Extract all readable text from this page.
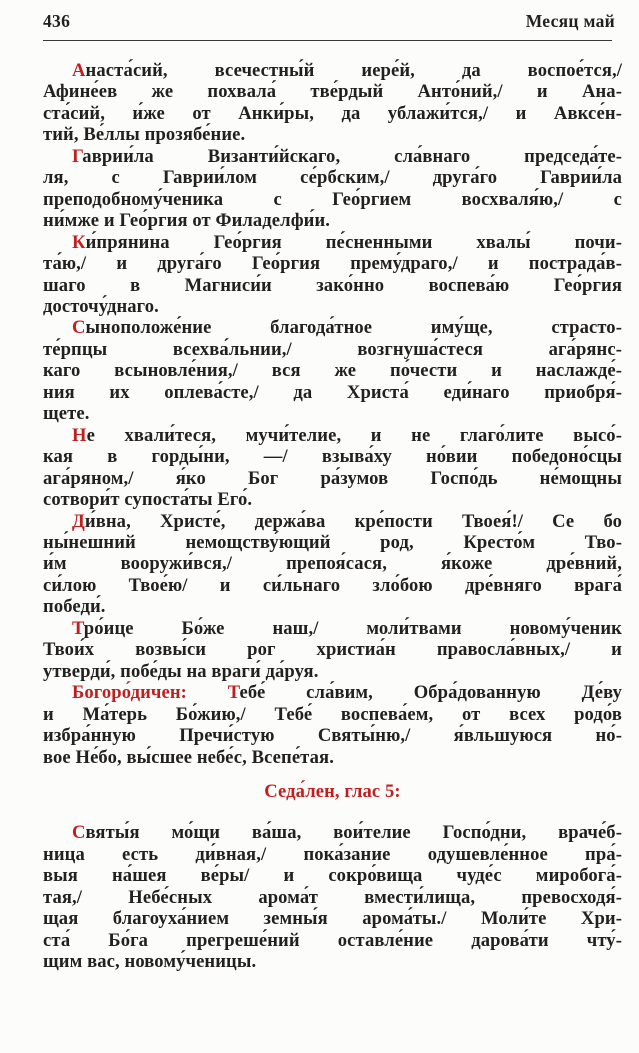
436	Месяц май
Анаста́сий, всечестны́й иере́й, да воспое́тся,/
Афине́ев же похвала́ тве́рдый Анто́ний,/ и Ана-
ста́сий, и́же от Анки́ры, да ублажи́тся,/ и Авксе́н-
тий, Ве́ллы прозябе́ние.
Гаврии́ла Византи́йскаго, сла́внаго председа́те-
ля, с Гаврии́лом се́рбским,/ друга́го Гаврии́ла
преподобному́ченика с Гео́ргием восхваля́ю,/ с
ни́мже и Гео́ргия от Филаделфи́и.
Ки́прянина Гео́ргия пе́сненными хвалы́ почи-
та́ю,/ и друга́го Гео́ргия прему́драго,/ и пострада́в-
шаго в Магниси́и зако́нно воспева́ю Гео́ргия
досточу́днаго.
Сыноположе́ние благода́тное иму́ще, страсто-
те́рпцы всехва́льнии,/ возгнуша́стеся ага́рянс-
каго всыновле́ния,/ вся же по́чести и наслажде́-
ния их оплева́сте,/ да Христа́ еди́наго приобря́-
щете.
Не хвали́теся, мучи́телие, и не глаго́лите высо́-
кая в горды́ни, —/ взыва́ху но́вии победоно́сцы
ага́ряном,/ я́ко Бог ра́зумов Госпо́дь не́мощны
сотвори́т супоста́ты Его́.
Ди́вна, Христе́, держа́ва кре́пости Твоея́!/ Се бо
ны́нешний немощству́ющий род, Кресто́м Тво-
и́м вооружи́вся,/ препоя́сася, я́коже дре́вний,
си́лою Твое́ю/ и си́льнаго зло́бою дре́вняго врага́
победи́.
Тро́ице Бо́же наш,/ моли́твами новому́ченик
Твои́х возвы́си рог христиа́н правосла́вных,/ и
утверди́, побе́ды на враги́ да́руя.
Богоро́дичен: Тебе́ сла́вим, Обра́дованную Де́ву
и Ма́терь Бо́жию,/ Тебе́ воспева́ем, от всех родо́в
избра́нную Пречи́стую Святы́ню,/ я́вльшуюся но́-
вое Не́бо, вы́сшее небе́с, Всепе́тая.
Седа́лен, глас 5:
Святы́я мо́щи ва́ша, вои́телие Госпо́дни, враче́б-
ница есть ди́вная,/ пока́зание одушевле́нное пра́-
выя на́шея ве́ры/ и сокро́вища чуде́с миробога́-
тая,/ Небе́сных арома́т вмести́лища, превосходя́-
щая благоуха́нием земны́я арома́ты./ Моли́те Хри-
ста́ Бо́га прегреше́ний оставле́ние дарова́ти чту́-
щим вас, новому́ченицы.
